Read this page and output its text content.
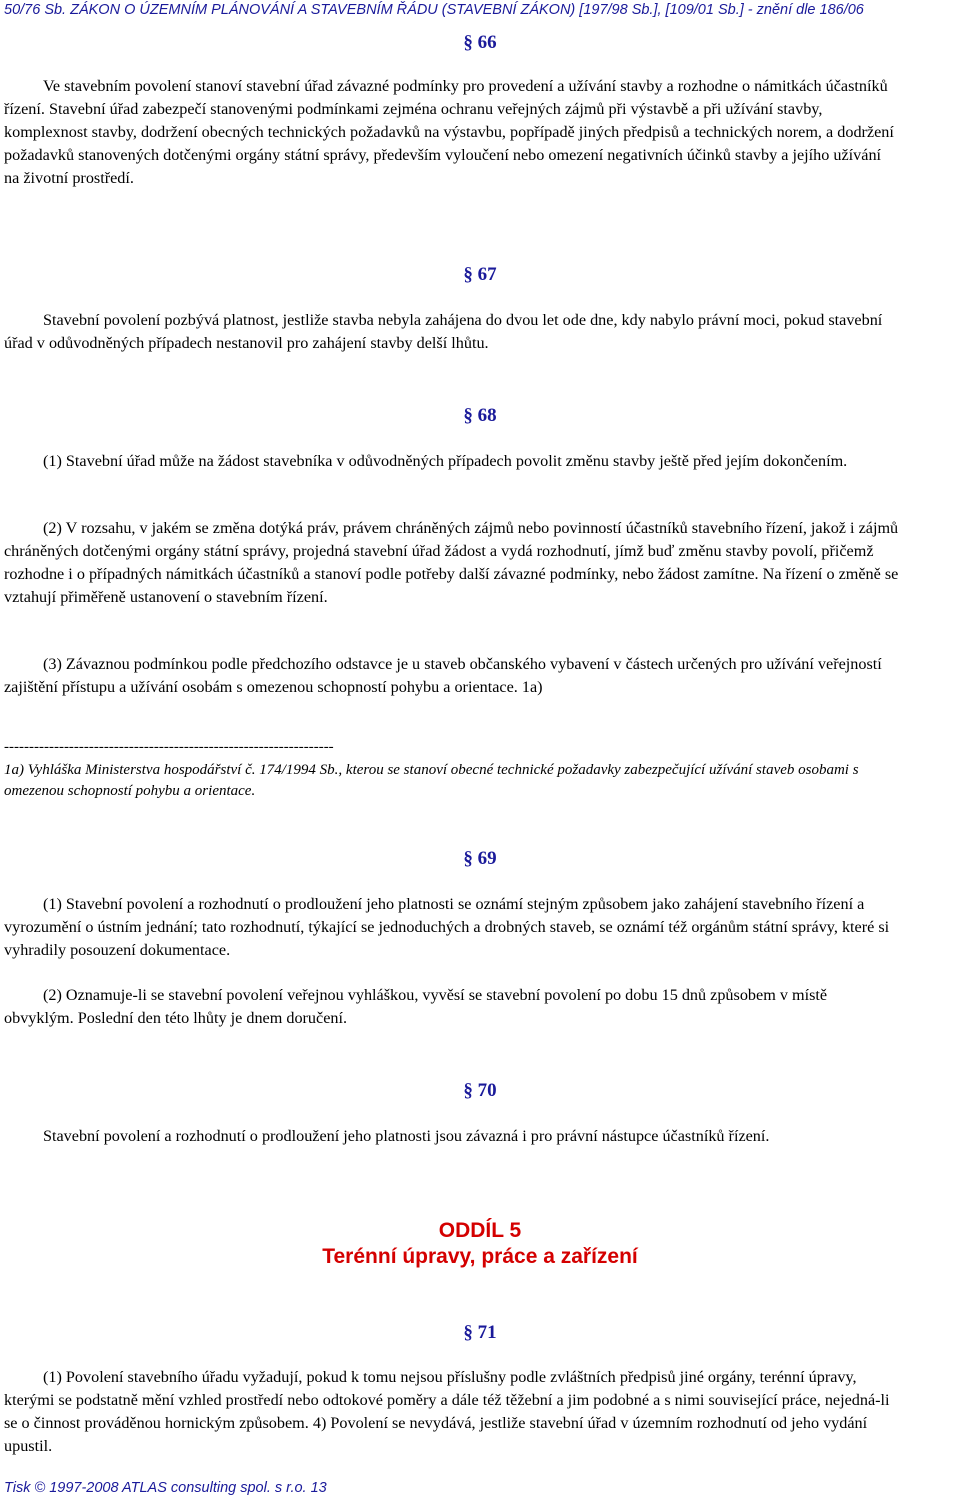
50/76 Sb. ZÁKON O ÚZEMNÍM PLÁNOVÁNÍ A STAVEBNÍM ŘÁDU (STAVEBNÍ ZÁKON) [197/98 Sb.], [109/01 Sb.] - znění dle 186/06
§ 66

Ve stavebním povolení stanoví stavební úřad závazné podmínky pro provedení a užívání stavby a rozhodne o námitkách účastníků řízení. Stavební úřad zabezpečí stanovenými podmínkami zejména ochranu veřejných zájmů při výstavbě a při užívání stavby, komplexnost stavby, dodržení obecných technických požadavků na výstavbu, popřípadě jiných předpisů a technických norem, a dodržení požadavků stanovených dotčenými orgány státní správy, především vyloučení nebo omezení negativních účinků stavby a jejího užívání na životní prostředí.

§ 67

Stavební povolení pozbývá platnost, jestliže stavba nebyla zahájena do dvou let ode dne, kdy nabylo právní moci, pokud stavební úřad v odůvodněných případech nestanovil pro zahájení stavby delší lhůtu.

§ 68

(1) Stavební úřad může na žádost stavebníka v odůvodněných případech povolit změnu stavby ještě před jejím dokončením.

(2) V rozsahu, v jakém se změna dotýká práv, právem chráněných zájmů nebo povinností účastníků stavebního řízení, jakož i zájmů chráněných dotčenými orgány státní správy, projedná stavební úřad žádost a vydá rozhodnutí, jímž buď změnu stavby povolí, přičemž rozhodne i o případných námitkách účastníků a stanoví podle potřeby další závazné podmínky, nebo žádost zamítne. Na řízení o změně se vztahují přiměřeně ustanovení o stavebním řízení.

(3) Závaznou podmínkou podle předchozího odstavce je u staveb občanského vybavení v částech určených pro užívání veřejností zajištění přístupu a užívání osobám s omezenou schopností pohybu a orientace. 1a)

------------------------------------------------------------------

1a) Vyhláška Ministerstva hospodářství č. 174/1994 Sb., kterou se stanoví obecné technické požadavky zabezpečující užívání staveb osobami s omezenou schopností pohybu a orientace.

§ 69

(1) Stavební povolení a rozhodnutí o prodloužení jeho platnosti se oznámí stejným způsobem jako zahájení stavebního řízení a vyrozumění o ústním jednání; tato rozhodnutí, týkající se jednoduchých a drobných staveb, se oznámí též orgánům státní správy, které si vyhradily posouzení dokumentace.

(2) Oznamuje-li se stavební povolení veřejnou vyhláškou, vyvěsí se stavební povolení po dobu 15 dnů způsobem v místě obvyklým. Poslední den této lhůty je dnem doručení.

§ 70

Stavební povolení a rozhodnutí o prodloužení jeho platnosti jsou závazná i pro právní nástupce účastníků řízení.

ODDÍL 5
Terénní úpravy, práce a zařízení
§ 71

(1) Povolení stavebního úřadu vyžadují, pokud k tomu nejsou příslušny podle zvláštních předpisů jiné orgány, terénní úpravy, kterými se podstatně mění vzhled prostředí nebo odtokové poměry a dále též těžební a jim podobné a s nimi související práce, nejedná-li se o činnost prováděnou hornickým způsobem. 4) Povolení se nevydává, jestliže stavební úřad v územním rozhodnutí od jeho vydání upustil.

Tisk © 1997-2008 ATLAS consulting spol. s r.o. 13
